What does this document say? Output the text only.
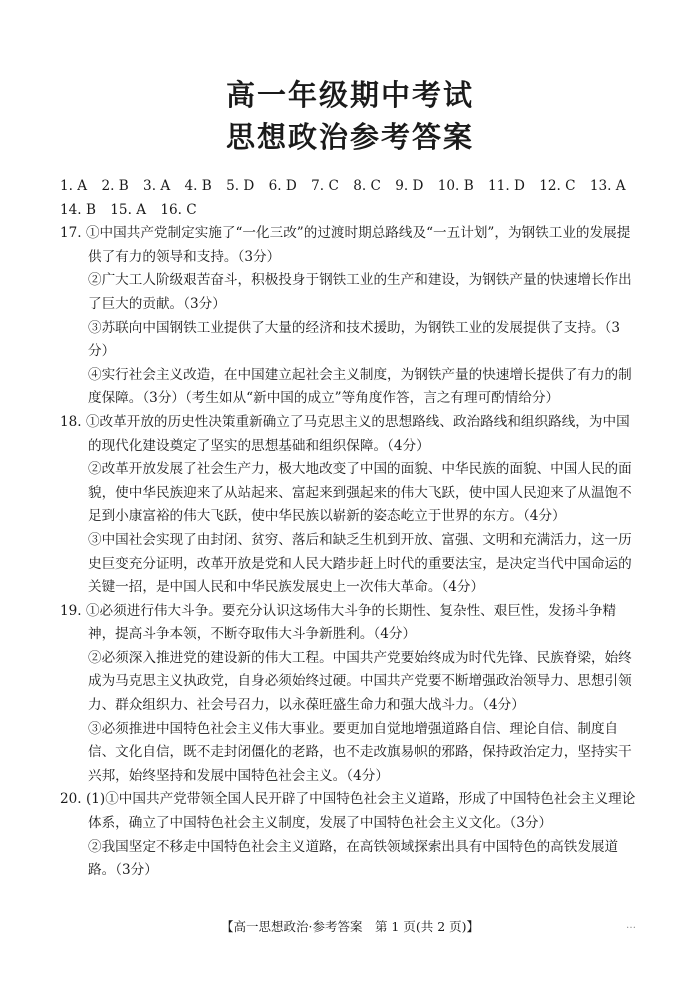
高一年级期中考试
思想政治参考答案

1. A 2. B 3. A 4. B 5. D 6. D 7. C 8. C 9. D 10. B 11. D 12. C 13. A 14. B 15. A 16. C

17. ①中国共产党制定实施了“一化三改”的过渡时期总路线及“一五计划”，为钢铁工业的发展提供了有力的领导和支持。（3分）

②广大工人阶级艰苦奋斗，积极投身于钢铁工业的生产和建设，为钢铁产量的快速增长作出了巨大的贡献。（3分）

③苏联向中国钢铁工业提供了大量的经济和技术援助，为钢铁工业的发展提供了支持。（3分）

④实行社会主义改造，在中国建立起社会主义制度，为钢铁产量的快速增长提供了有力的制度保障。（3分）（考生如从“新中国的成立”等角度作答，言之有理可酌情给分）

18. ①改革开放的历史性决策重新确立了马克思主义的思想路线、政治路线和组织路线，为中国的现代化建设奠定了坚实的思想基础和组织保障。（4分）

②改革开放发展了社会生产力，极大地改变了中国的面貌、中华民族的面貌、中国人民的面貌，使中华民族迎来了从站起来、富起来到强起来的伟大飞跃，使中国人民迎来了从温饱不足到小康富裕的伟大飞跃，使中华民族以崭新的姿态屹立于世界的东方。（4分）

③中国社会实现了由封闭、贫穷、落后和缺乏生机到开放、富强、文明和充满活力，这一历史巨变充分证明，改革开放是党和人民大踏步赶上时代的重要法宝，是决定当代中国命运的关键一招，是中国人民和中华民族发展史上一次伟大革命。（4分）

19. ①必须进行伟大斗争。要充分认识这场伟大斗争的长期性、复杂性、艰巨性，发扬斗争精神，提高斗争本领，不断夺取伟大斗争新胜利。（4分）

②必须深入推进党的建设新的伟大工程。中国共产党要始终成为时代先锋、民族脊梁，始终成为马克思主义执政党，自身必须始终过硬。中国共产党要不断增强政治领导力、思想引领力、群众组织力、社会号召力，以永葆旺盛生命力和强大战斗力。（4分）

③必须推进中国特色社会主义伟大事业。要更加自觉地增强道路自信、理论自信、制度自信、文化自信，既不走封闭僵化的老路，也不走改旗易帜的邪路，保持政治定力，坚持实干兴邦，始终坚持和发展中国特色社会主义。（4分）

20. (1)①中国共产党带领全国人民开辟了中国特色社会主义道路，形成了中国特色社会主义理论体系，确立了中国特色社会主义制度，发展了中国特色社会主义文化。（3分）

②我国坚定不移走中国特色社会主义道路，在高铁领域探索出具有中国特色的高铁发展道路。（3分）

【高一思想政治·参考答案　第 1 页(共 2 页)】	…
